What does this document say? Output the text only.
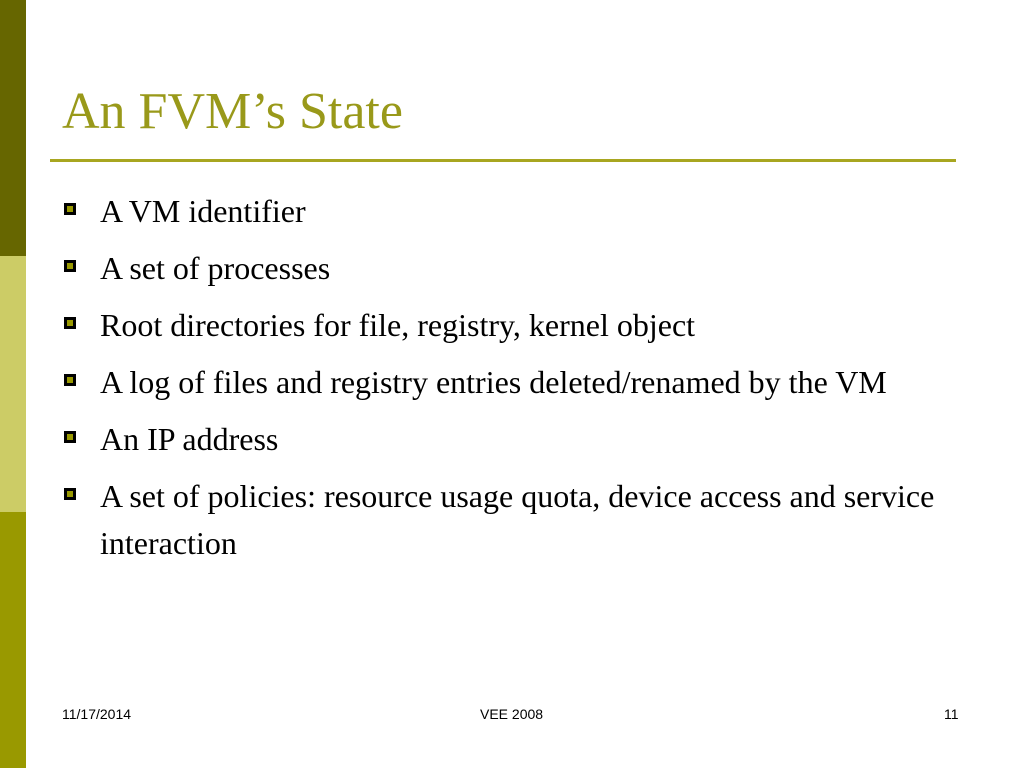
An FVM’s State
A VM identifier
A set of processes
Root directories for file, registry, kernel object
A log of files and registry entries deleted/renamed by the VM
An IP address
A set of policies: resource usage quota, device access and service interaction
11/17/2014	VEE 2008	11
